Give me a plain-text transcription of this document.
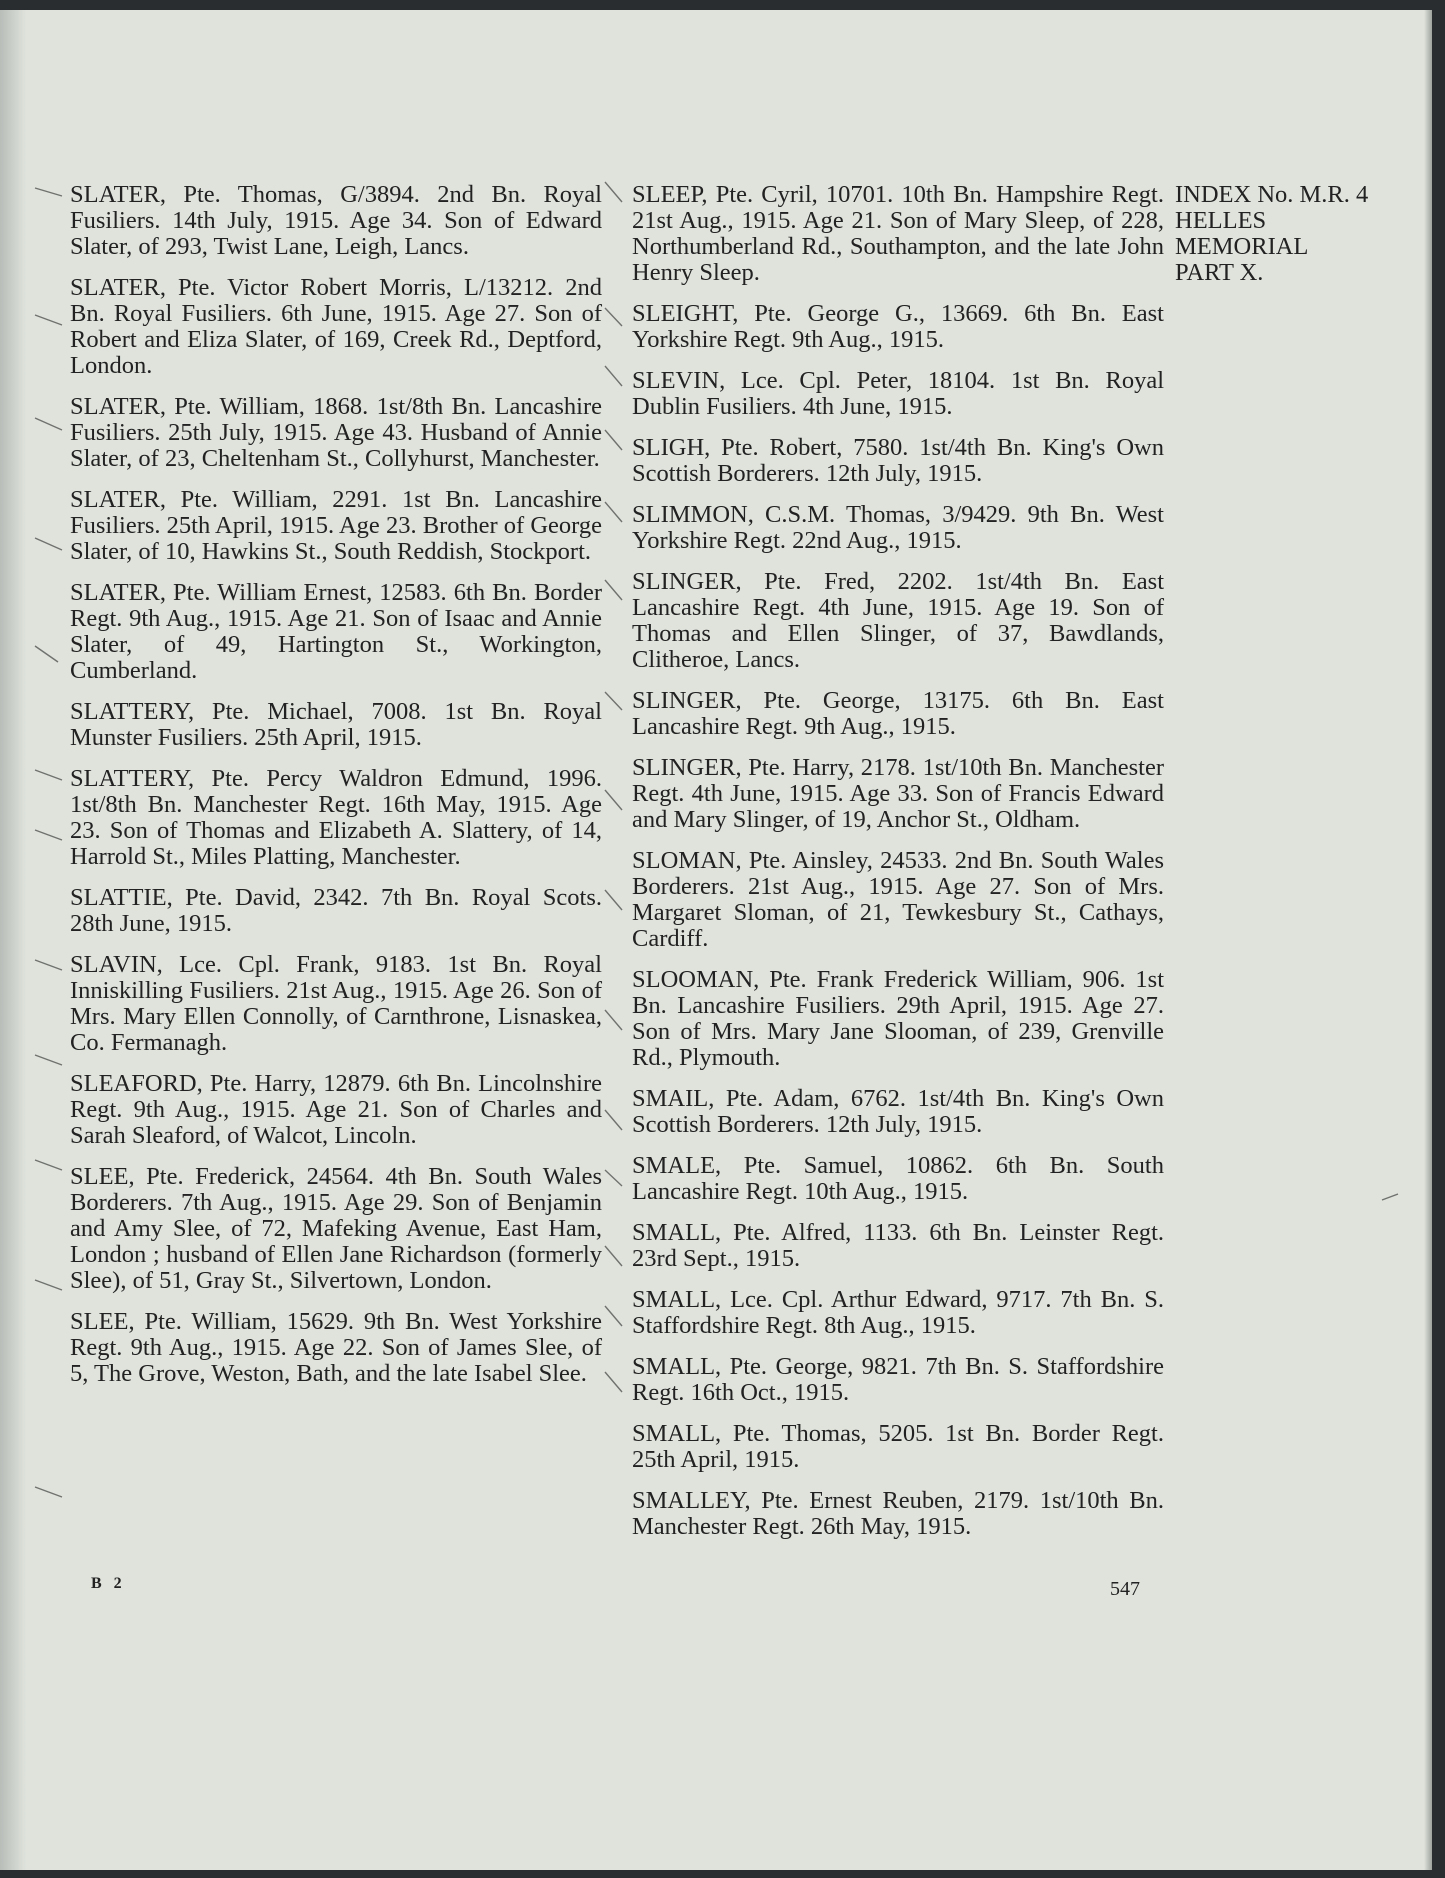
SLATER, Pte. Thomas, G/3894. 2nd Bn. Royal Fusiliers. 14th July, 1915. Age 34. Son of Edward Slater, of 293, Twist Lane, Leigh, Lancs.

SLATER, Pte. Victor Robert Morris, L/13212. 2nd Bn. Royal Fusiliers. 6th June, 1915. Age 27. Son of Robert and Eliza Slater, of 169, Creek Rd., Deptford, London.

SLATER, Pte. William, 1868. 1st/8th Bn. Lancashire Fusiliers. 25th July, 1915. Age 43. Husband of Annie Slater, of 23, Cheltenham St., Collyhurst, Manchester.

SLATER, Pte. William, 2291. 1st Bn. Lancashire Fusiliers. 25th April, 1915. Age 23. Brother of George Slater, of 10, Hawkins St., South Reddish, Stockport.

SLATER, Pte. William Ernest, 12583. 6th Bn. Border Regt. 9th Aug., 1915. Age 21. Son of Isaac and Annie Slater, of 49, Hartington St., Workington, Cumberland.

SLATTERY, Pte. Michael, 7008. 1st Bn. Royal Munster Fusiliers. 25th April, 1915.

SLATTERY, Pte. Percy Waldron Edmund, 1996. 1st/8th Bn. Manchester Regt. 16th May, 1915. Age 23. Son of Thomas and Elizabeth A. Slattery, of 14, Harrold St., Miles Platting, Manchester.

SLATTIE, Pte. David, 2342. 7th Bn. Royal Scots. 28th June, 1915.

SLAVIN, Lce. Cpl. Frank, 9183. 1st Bn. Royal Inniskilling Fusiliers. 21st Aug., 1915. Age 26. Son of Mrs. Mary Ellen Connolly, of Carnthrone, Lisnaskea, Co. Fermanagh.

SLEAFORD, Pte. Harry, 12879. 6th Bn. Lincolnshire Regt. 9th Aug., 1915. Age 21. Son of Charles and Sarah Sleaford, of Walcot, Lincoln.

SLEE, Pte. Frederick, 24564. 4th Bn. South Wales Borderers. 7th Aug., 1915. Age 29. Son of Benjamin and Amy Slee, of 72, Mafeking Avenue, East Ham, London ; husband of Ellen Jane Richardson (formerly Slee), of 51, Gray St., Silvertown, London.

SLEE, Pte. William, 15629. 9th Bn. West Yorkshire Regt. 9th Aug., 1915. Age 22. Son of James Slee, of 5, The Grove, Weston, Bath, and the late Isabel Slee.

SLEEP, Pte. Cyril, 10701. 10th Bn. Hampshire Regt. 21st Aug., 1915. Age 21. Son of Mary Sleep, of 228, Northumberland Rd., Southampton, and the late John Henry Sleep.

SLEIGHT, Pte. George G., 13669. 6th Bn. East Yorkshire Regt. 9th Aug., 1915.

SLEVIN, Lce. Cpl. Peter, 18104. 1st Bn. Royal Dublin Fusiliers. 4th June, 1915.

SLIGH, Pte. Robert, 7580. 1st/4th Bn. King's Own Scottish Borderers. 12th July, 1915.

SLIMMON, C.S.M. Thomas, 3/9429. 9th Bn. West Yorkshire Regt. 22nd Aug., 1915.

SLINGER, Pte. Fred, 2202. 1st/4th Bn. East Lancashire Regt. 4th June, 1915. Age 19. Son of Thomas and Ellen Slinger, of 37, Bawdlands, Clitheroe, Lancs.

SLINGER, Pte. George, 13175. 6th Bn. East Lancashire Regt. 9th Aug., 1915.

SLINGER, Pte. Harry, 2178. 1st/10th Bn. Manchester Regt. 4th June, 1915. Age 33. Son of Francis Edward and Mary Slinger, of 19, Anchor St., Oldham.

SLOMAN, Pte. Ainsley, 24533. 2nd Bn. South Wales Borderers. 21st Aug., 1915. Age 27. Son of Mrs. Margaret Sloman, of 21, Tewkesbury St., Cathays, Cardiff.

SLOOMAN, Pte. Frank Frederick William, 906. 1st Bn. Lancashire Fusiliers. 29th April, 1915. Age 27. Son of Mrs. Mary Jane Slooman, of 239, Grenville Rd., Plymouth.

SMAIL, Pte. Adam, 6762. 1st/4th Bn. King's Own Scottish Borderers. 12th July, 1915.

SMALE, Pte. Samuel, 10862. 6th Bn. South Lancashire Regt. 10th Aug., 1915.

SMALL, Pte. Alfred, 1133. 6th Bn. Leinster Regt. 23rd Sept., 1915.

SMALL, Lce. Cpl. Arthur Edward, 9717. 7th Bn. S. Staffordshire Regt. 8th Aug., 1915.

SMALL, Pte. George, 9821. 7th Bn. S. Staffordshire Regt. 16th Oct., 1915.

SMALL, Pte. Thomas, 5205. 1st Bn. Border Regt. 25th April, 1915.

SMALLEY, Pte. Ernest Reuben, 2179. 1st/10th Bn. Manchester Regt. 26th May, 1915.

INDEX No. M.R. 4
HELLES
MEMORIAL
PART X.
B 2	547
